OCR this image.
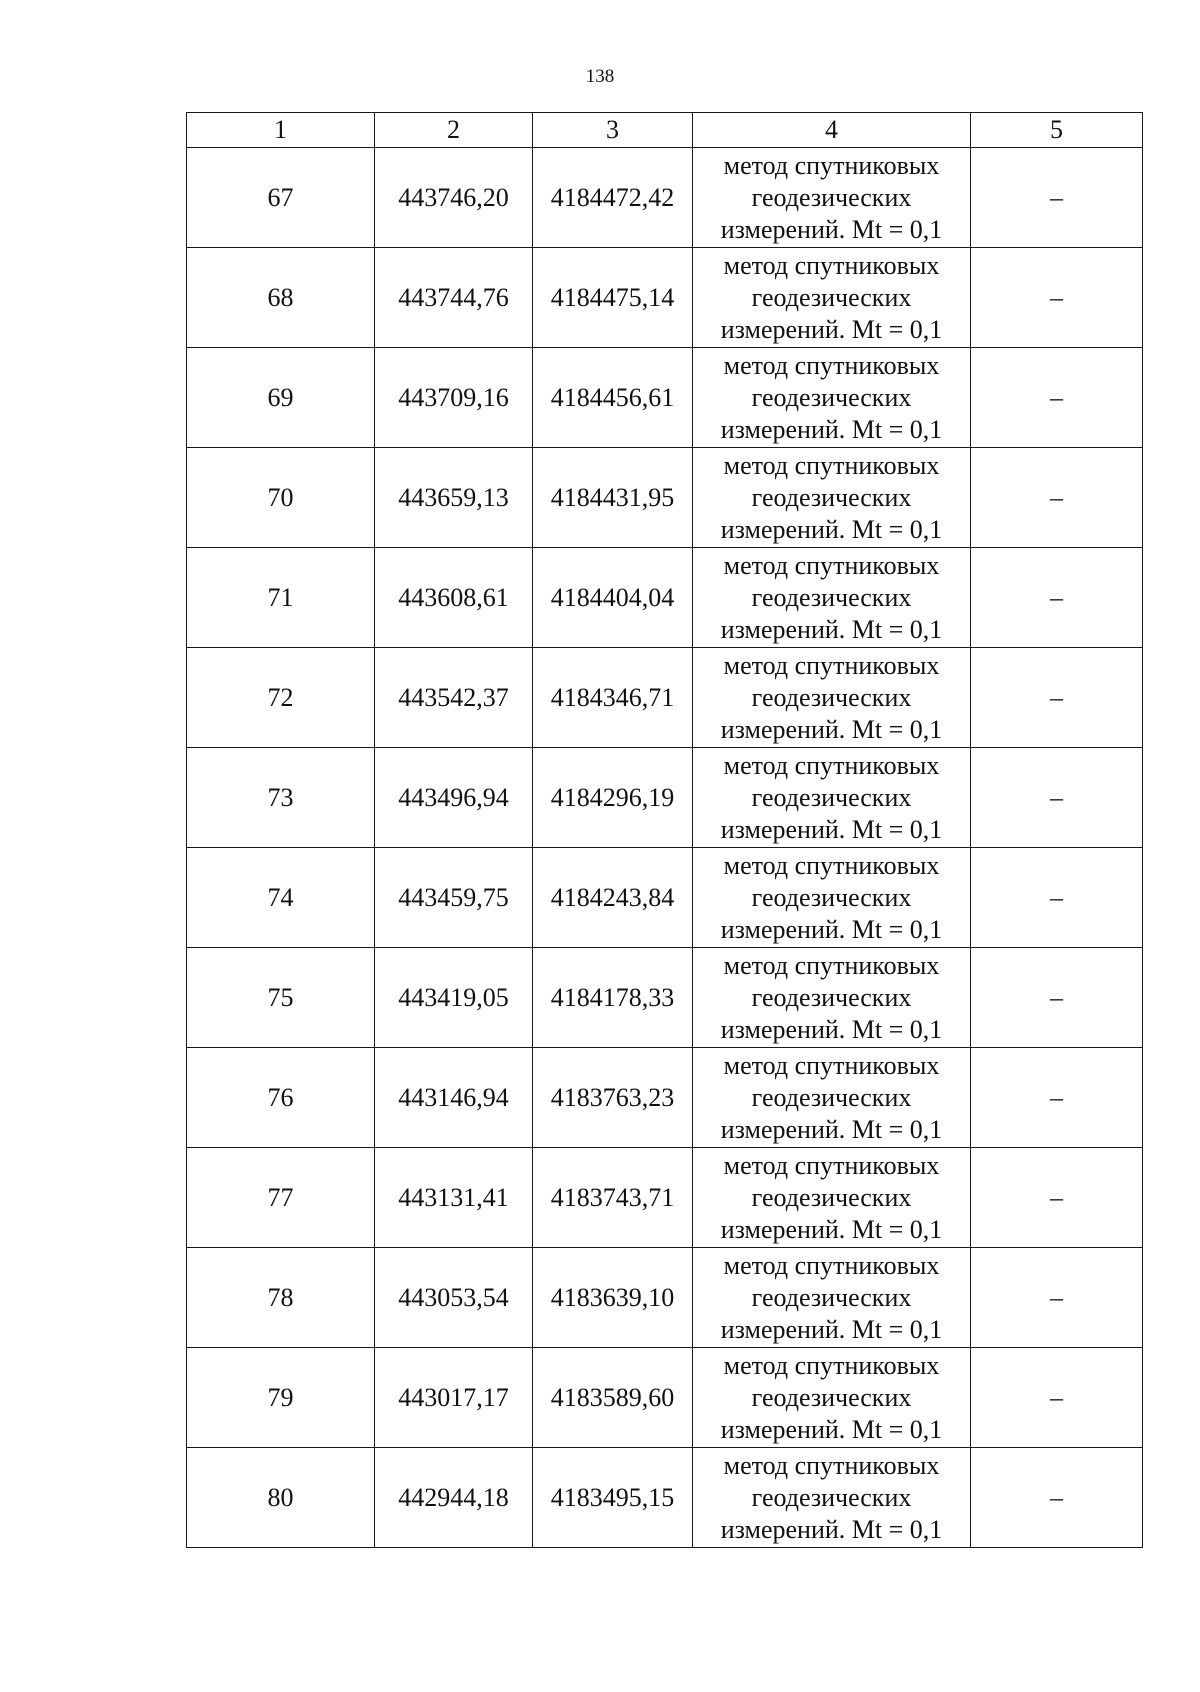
138
1	2	3	4	5
67	443746,20	4184472,42	метод спутниковых
геодезических
измерений. Mt = 0,1	–
68	443744,76	4184475,14	метод спутниковых
геодезических
измерений. Mt = 0,1	–
69	443709,16	4184456,61	метод спутниковых
геодезических
измерений. Mt = 0,1	–
70	443659,13	4184431,95	метод спутниковых
геодезических
измерений. Mt = 0,1	–
71	443608,61	4184404,04	метод спутниковых
геодезических
измерений. Mt = 0,1	–
72	443542,37	4184346,71	метод спутниковых
геодезических
измерений. Mt = 0,1	–
73	443496,94	4184296,19	метод спутниковых
геодезических
измерений. Mt = 0,1	–
74	443459,75	4184243,84	метод спутниковых
геодезических
измерений. Mt = 0,1	–
75	443419,05	4184178,33	метод спутниковых
геодезических
измерений. Mt = 0,1	–
76	443146,94	4183763,23	метод спутниковых
геодезических
измерений. Mt = 0,1	–
77	443131,41	4183743,71	метод спутниковых
геодезических
измерений. Mt = 0,1	–
78	443053,54	4183639,10	метод спутниковых
геодезических
измерений. Mt = 0,1	–
79	443017,17	4183589,60	метод спутниковых
геодезических
измерений. Mt = 0,1	–
80	442944,18	4183495,15	метод спутниковых
геодезических
измерений. Mt = 0,1	–
